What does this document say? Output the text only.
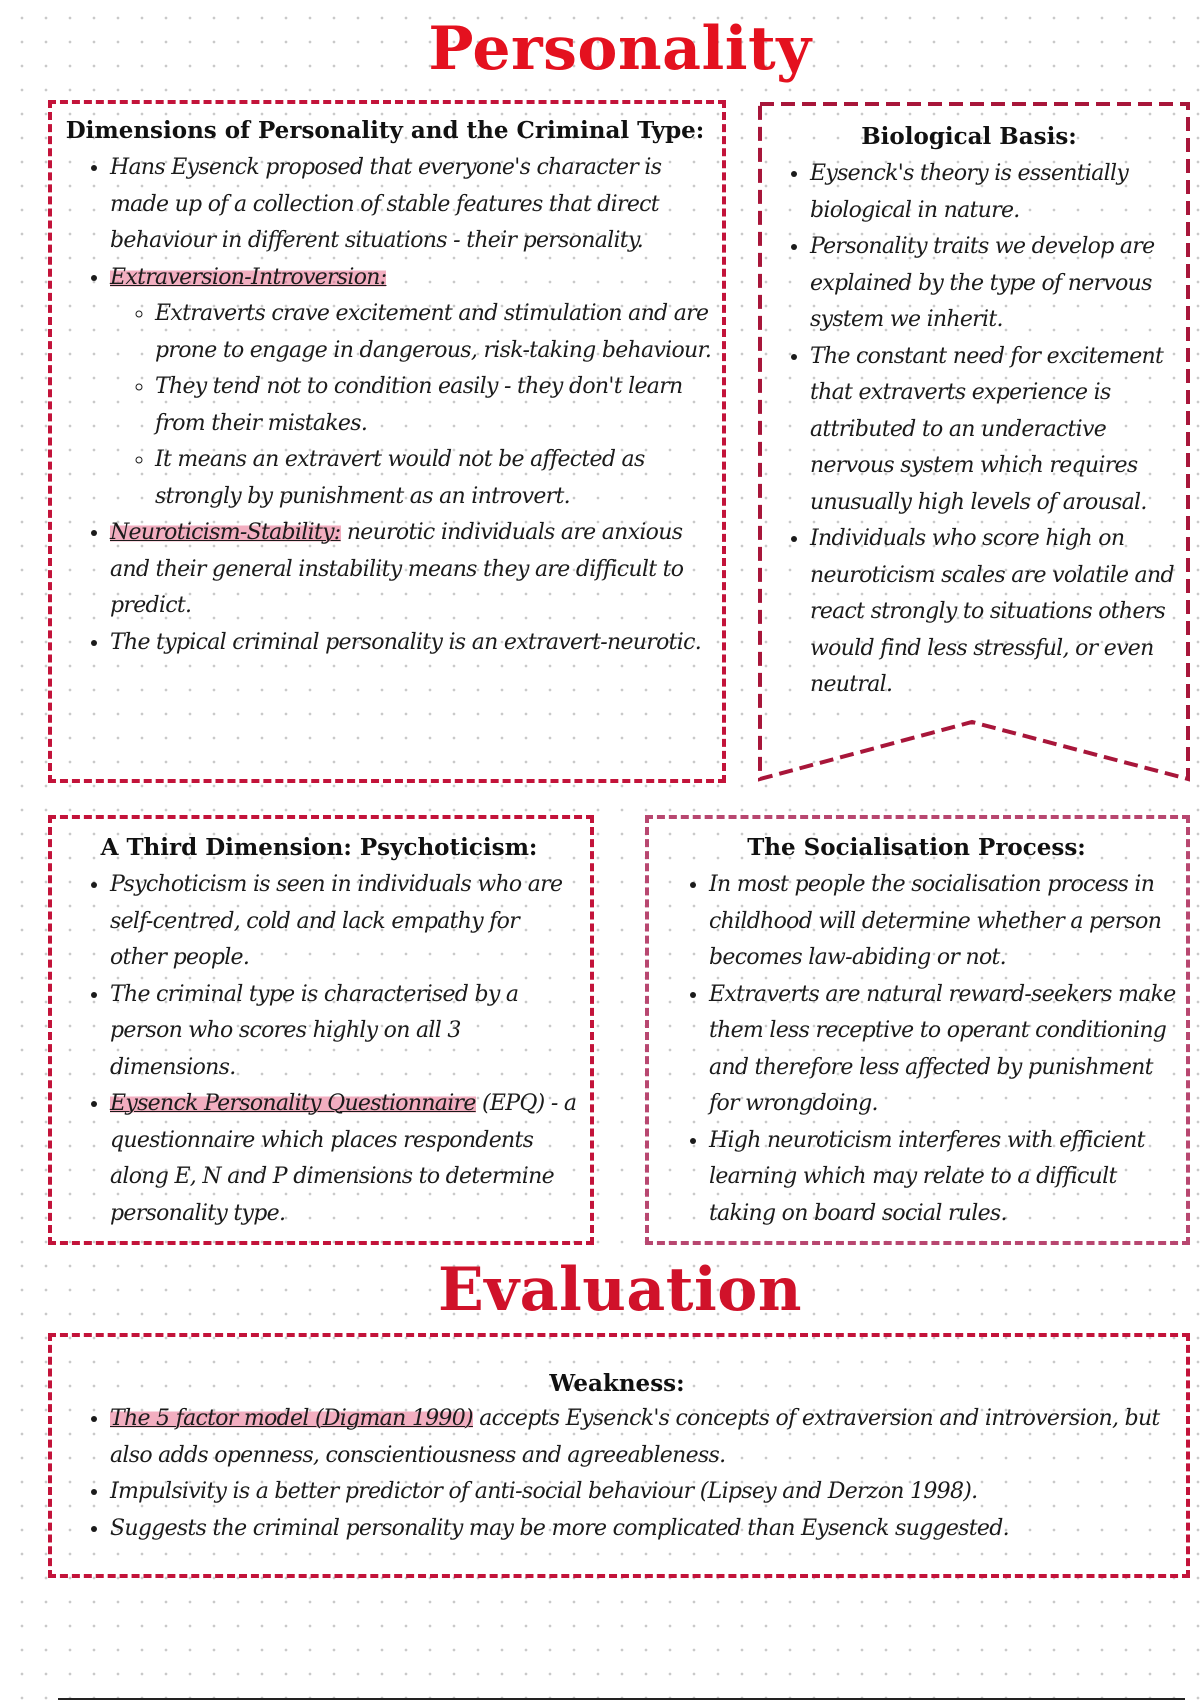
Personality
Dimensions of Personality and the Criminal Type:
• Hans Eysenck proposed that everyone's character is made up of a collection of stable features that direct behaviour in different situations - their personality.
• Extraversion-Introversion:
◦ Extraverts crave excitement and stimulation and are prone to engage in dangerous, risk-taking behaviour.
◦ They tend not to condition easily - they don't learn from their mistakes.
◦ It means an extravert would not be affected as strongly by punishment as an introvert.
• Neuroticism-Stability: neurotic individuals are anxious and their general instability means they are difficult to predict.
• The typical criminal personality is an extravert-neurotic.
Biological Basis:
• Eysenck's theory is essentially biological in nature.
• Personality traits we develop are explained by the type of nervous system we inherit.
• The constant need for excitement that extraverts experience is attributed to an underactive nervous system which requires unusually high levels of arousal.
• Individuals who score high on neuroticism scales are volatile and react strongly to situations others would find less stressful, or even neutral.
A Third Dimension: Psychoticism:
• Psychoticism is seen in individuals who are self-centred, cold and lack empathy for other people.
• The criminal type is characterised by a person who scores highly on all 3 dimensions.
• Eysenck Personality Questionnaire (EPQ) - a questionnaire which places respondents along E, N and P dimensions to determine personality type.
The Socialisation Process:
• In most people the socialisation process in childhood will determine whether a person becomes law-abiding or not.
• Extraverts are natural reward-seekers make them less receptive to operant conditioning and therefore less affected by punishment for wrongdoing.
• High neuroticism interferes with efficient learning which may relate to a difficult taking on board social rules.
Evaluation
Weakness:
• The 5 factor model (Digman 1990) accepts Eysenck's concepts of extraversion and introversion, but also adds openness, conscientiousness and agreeableness.
• Impulsivity is a better predictor of anti-social behaviour (Lipsey and Derzon 1998).
• Suggests the criminal personality may be more complicated than Eysenck suggested.
